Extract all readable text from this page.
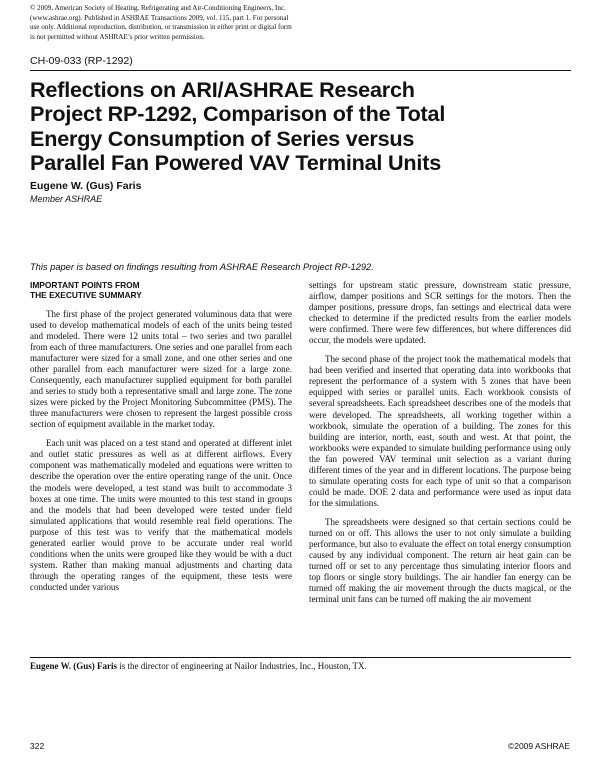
© 2009, American Society of Heating, Refrigerating and Air-Conditioning Engineers, Inc.
(www.ashrae.org). Published in ASHRAE Transactions 2009, vol. 115, part 1. For personal
use only. Additional reproduction, distribution, or transmission in either print or digital form
is not permitted without ASHRAE’s prior written permission.
CH-09-033 (RP-1292)
Reflections on ARI/ASHRAE Research
Project RP-1292, Comparison of the Total
Energy Consumption of Series versus
Parallel Fan Powered VAV Terminal Units
Eugene W. (Gus) Faris
Member ASHRAE
This paper is based on findings resulting from ASHRAE Research Project RP-1292.
IMPORTANT POINTS FROM
THE EXECUTIVE SUMMARY

The first phase of the project generated voluminous data that were used to develop mathematical models of each of the units being tested and modeled. There were 12 units total – two series and two parallel from each of three manufacturers. One series and one parallel from each manufacturer were sized for a small zone, and one other series and one other parallel from each manufacturer were sized for a large zone. Consequently, each manufacturer supplied equipment for both parallel and series to study both a representative small and large zone. The zone sizes were picked by the Project Monitoring Subcommittee (PMS). The three manufacturers were chosen to represent the largest possible cross section of equipment available in the market today.

Each unit was placed on a test stand and operated at different inlet and outlet static pressures as well as at different airflows. Every component was mathematically modeled and equations were written to describe the operation over the entire operating range of the unit. Once the models were developed, a test stand was built to accommodate 3 boxes at one time. The units were mounted to this test stand in groups and the models that had been developed were tested under field simulated applications that would resemble real field operations. The purpose of this test was to verify that the mathematical models generated earlier would prove to be accurate under real world conditions when the units were grouped like they would be with a duct system. Rather than making manual adjustments and charting data through the operating ranges of the equipment, these tests were conducted under various

settings for upstream static pressure, downstream static pressure, airflow, damper positions and SCR settings for the motors. Then the damper positions, pressure drops, fan settings and electrical data were checked to determine if the predicted results from the earlier models were confirmed. There were few differences, but where differences did occur, the models were updated.

The second phase of the project took the mathematical models that had been verified and inserted that operating data into workbooks that represent the performance of a system with 5 zones that have been equipped with series or parallel units. Each workbook consists of several spreadsheets. Each spreadsheet describes one of the models that were developed. The spreadsheets, all working together within a workbook, simulate the operation of a building. The zones for this building are interior, north, east, south and west. At that point, the workbooks were expanded to simulate building performance using only the fan powered VAV terminal unit selection as a variant during different times of the year and in different locations. The purpose being to simulate operating costs for each type of unit so that a comparison could be made. DOE 2 data and performance were used as input data for the simulations.

The spreadsheets were designed so that certain sections could be turned on or off. This allows the user to not only simulate a building performance, but also to evaluate the effect on total energy consumption caused by any individual component. The return air heat gain can be turned off or set to any percentage thus simulating interior floors and top floors or single story buildings. The air handler fan energy can be turned off making the air movement through the ducts magical, or the terminal unit fans can be turned off making the air movement

Eugene W. (Gus) Faris is the director of engineering at Nailor Industries, Inc., Houston, TX.
322	©2009 ASHRAE
